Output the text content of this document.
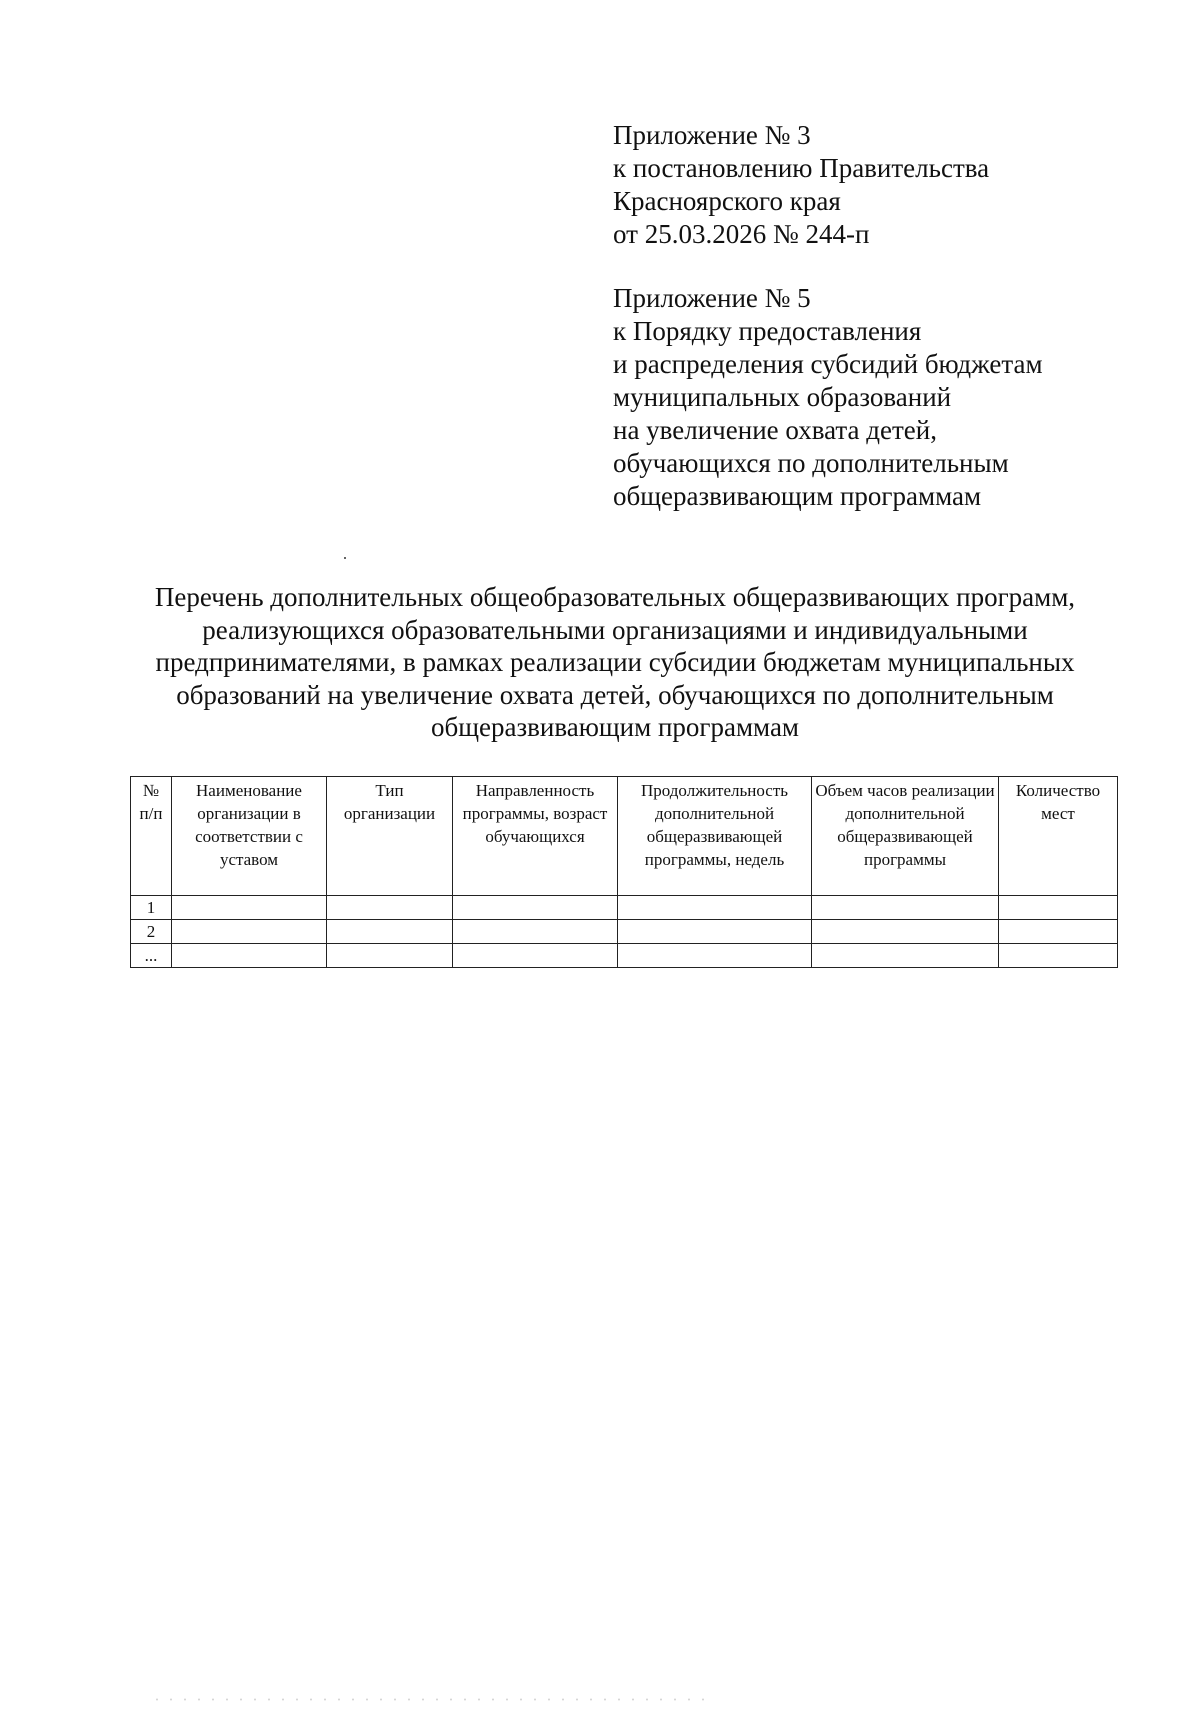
Приложение № 3
к постановлению Правительства
Красноярского края
от 25.03.2026 № 244-п
Приложение № 5
к Порядку предоставления
и распределения субсидий бюджетам
муниципальных образований
на увеличение охвата детей,
обучающихся по дополнительным
общеразвивающим программам
Перечень дополнительных общеобразовательных общеразвивающих программ,
реализующихся образовательными организациями и индивидуальными
предпринимателями, в рамках реализации субсидии бюджетам муниципальных
образований на увеличение охвата детей, обучающихся по дополнительным
общеразвивающим программам
№ п/п	Наименование организации в соответствии с уставом	Тип организации	Направленность программы, возраст обучающихся	Продолжительность дополнительной общеразвивающей программы, недель	Объем часов реализации дополнительной общеразвивающей программы	Количество мест
1						
2						
...						
